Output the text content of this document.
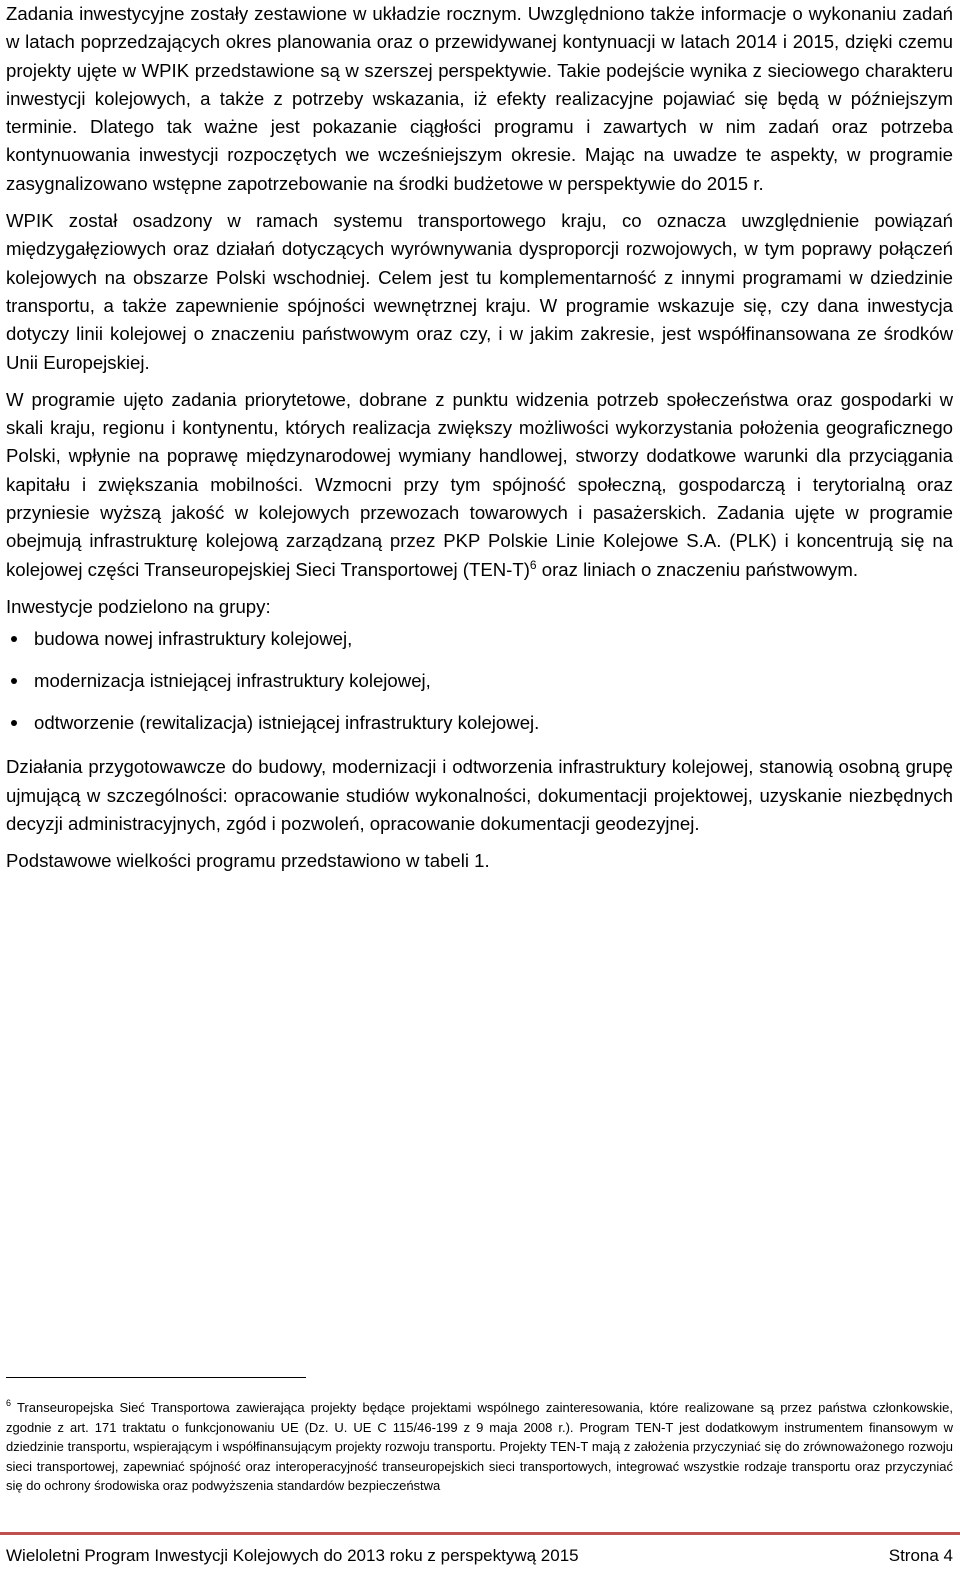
Zadania inwestycyjne zostały zestawione w układzie rocznym. Uwzględniono także informacje o wykonaniu zadań w latach poprzedzających okres planowania oraz o przewidywanej kontynuacji w latach 2014 i 2015, dzięki czemu projekty ujęte w WPIK przedstawione są w szerszej perspektywie. Takie podejście wynika z sieciowego charakteru inwestycji kolejowych, a także z potrzeby wskazania, iż efekty realizacyjne pojawiać się będą w późniejszym terminie. Dlatego tak ważne jest pokazanie ciągłości programu i zawartych w nim zadań oraz potrzeba kontynuowania inwestycji rozpoczętych we wcześniejszym okresie. Mając na uwadze te aspekty, w programie zasygnalizowano wstępne zapotrzebowanie na środki budżetowe w perspektywie do 2015 r.

WPIK został osadzony w ramach systemu transportowego kraju, co oznacza uwzględnienie powiązań międzygałęziowych oraz działań dotyczących wyrównywania dysproporcji rozwojowych, w tym poprawy połączeń kolejowych na obszarze Polski wschodniej. Celem jest tu komplementarność z innymi programami w dziedzinie transportu, a także zapewnienie spójności wewnętrznej kraju. W programie wskazuje się, czy dana inwestycja dotyczy linii kolejowej o znaczeniu państwowym oraz czy, i w jakim zakresie, jest współfinansowana ze środków Unii Europejskiej.

W programie ujęto zadania priorytetowe, dobrane z punktu widzenia potrzeb społeczeństwa oraz gospodarki w skali kraju, regionu i kontynentu, których realizacja zwiększy możliwości wykorzystania położenia geograficznego Polski, wpłynie na poprawę międzynarodowej wymiany handlowej, stworzy dodatkowe warunki dla przyciągania kapitału i zwiększania mobilności. Wzmocni przy tym spójność społeczną, gospodarczą i terytorialną oraz przyniesie wyższą jakość w kolejowych przewozach towarowych i pasażerskich. Zadania ujęte w programie obejmują infrastrukturę kolejową zarządzaną przez PKP Polskie Linie Kolejowe S.A. (PLK) i koncentrują się na kolejowej części Transeuropejskiej Sieci Transportowej $(TEN-T)^6$ oraz liniach o znaczeniu państwowym.

Inwestycje podzielono na grupy:

budowa nowej infrastruktury kolejowej,
modernizacja istniejącej infrastruktury kolejowej,
odtworzenie (rewitalizacja) istniejącej infrastruktury kolejowej.

Działania przygotowawcze do budowy, modernizacji i odtworzenia infrastruktury kolejowej, stanowią osobną grupę ujmującą w szczególności: opracowanie studiów wykonalności, dokumentacji projektowej, uzyskanie niezbędnych decyzji administracyjnych, zgód i pozwoleń, opracowanie dokumentacji geodezyjnej.

Podstawowe wielkości programu przedstawiono w tabeli 1.

$^6$ Transeuropejska Sieć Transportowa zawierająca projekty będące projektami wspólnego zainteresowania, które realizowane są przez państwa członkowskie, zgodnie z art. 171 traktatu o funkcjonowaniu UE (Dz. U. UE C 115/46-199 z 9 maja 2008 r.). Program TEN-T jest dodatkowym instrumentem finansowym w dziedzinie transportu, wspierającym i współfinansującym projekty rozwoju transportu. Projekty TEN-T mają z założenia przyczyniać się do zrównoważonego rozwoju sieci transportowej, zapewniać spójność oraz interoperacyjność transeuropejskich sieci transportowych, integrować wszystkie rodzaje transportu oraz przyczyniać się do ochrony środowiska oraz podwyższenia standardów bezpieczeństwa
Wieloletni Program Inwestycji Kolejowych do 2013 roku z perspektywą 2015	Strona 4
